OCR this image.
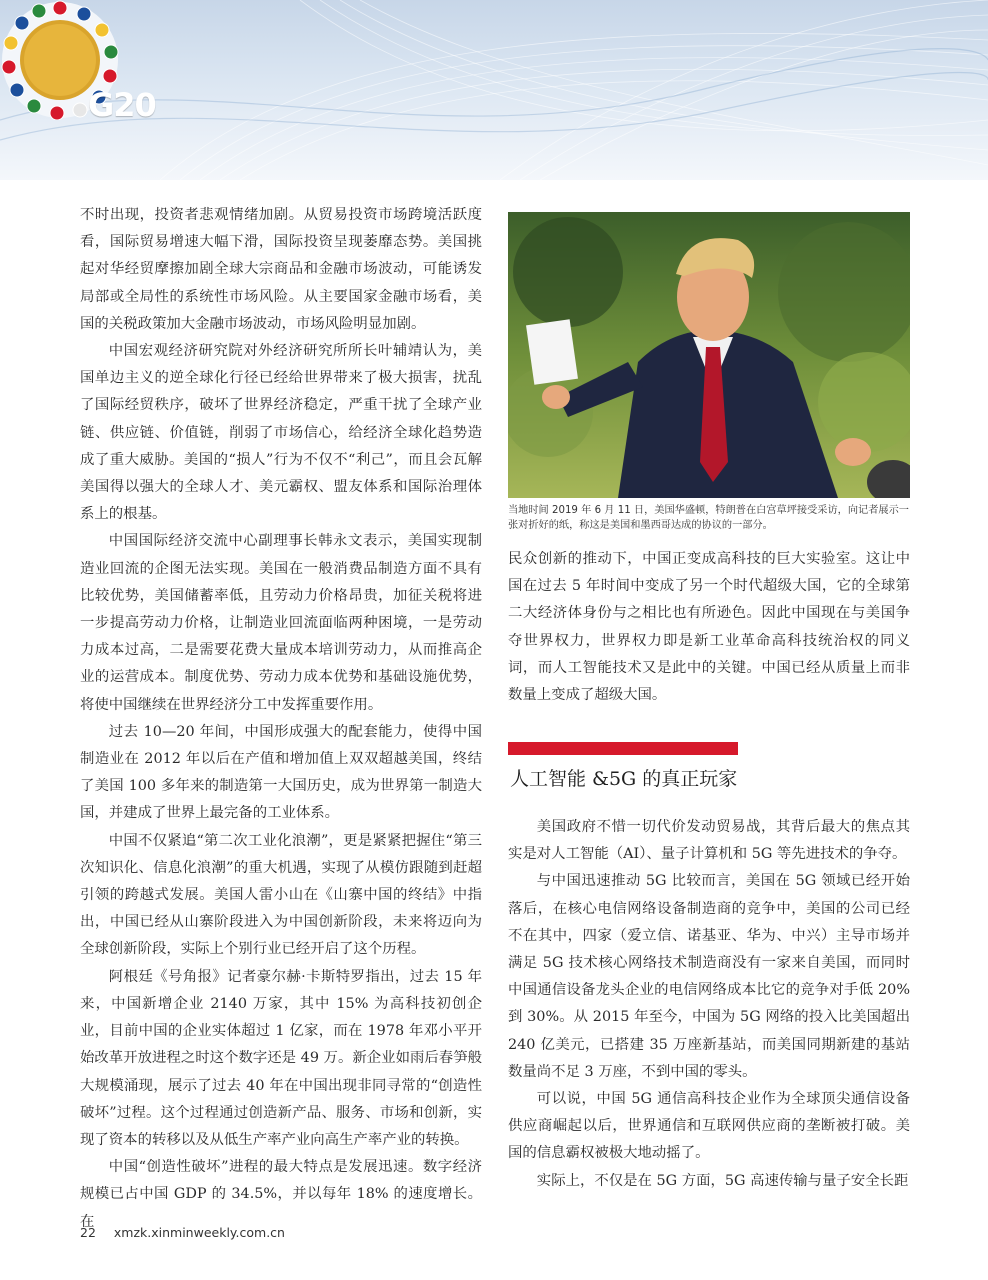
G20

不时出现，投资者悲观情绪加剧。从贸易投资市场跨境活跃度看，国际贸易增速大幅下滑，国际投资呈现萎靡态势。美国挑起对华经贸摩擦加剧全球大宗商品和金融市场波动，可能诱发局部或全局性的系统性市场风险。从主要国家金融市场看，美国的关税政策加大金融市场波动，市场风险明显加剧。

中国宏观经济研究院对外经济研究所所长叶辅靖认为，美国单边主义的逆全球化行径已经给世界带来了极大损害，扰乱了国际经贸秩序，破坏了世界经济稳定，严重干扰了全球产业链、供应链、价值链，削弱了市场信心，给经济全球化趋势造成了重大威胁。美国的“损人”行为不仅不“利己”，而且会瓦解美国得以强大的全球人才、美元霸权、盟友体系和国际治理体系上的根基。

中国国际经济交流中心副理事长韩永文表示，美国实现制造业回流的企图无法实现。美国在一般消费品制造方面不具有比较优势，美国储蓄率低，且劳动力价格昂贵，加征关税将进一步提高劳动力价格，让制造业回流面临两种困境，一是劳动力成本过高，二是需要花费大量成本培训劳动力，从而推高企业的运营成本。制度优势、劳动力成本优势和基础设施优势，将使中国继续在世界经济分工中发挥重要作用。

过去 10—20 年间，中国形成强大的配套能力，使得中国制造业在 2012 年以后在产值和增加值上双双超越美国，终结了美国 100 多年来的制造第一大国历史，成为世界第一制造大国，并建成了世界上最完备的工业体系。

中国不仅紧追“第二次工业化浪潮”，更是紧紧把握住“第三次知识化、信息化浪潮”的重大机遇，实现了从模仿跟随到赶超引领的跨越式发展。美国人雷小山在《山寨中国的终结》中指出，中国已经从山寨阶段进入为中国创新阶段，未来将迈向为全球创新阶段，实际上个别行业已经开启了这个历程。

阿根廷《号角报》记者豪尔赫·卡斯特罗指出，过去 15 年来，中国新增企业 2140 万家，其中 15% 为高科技初创企业，目前中国的企业实体超过 1 亿家，而在 1978 年邓小平开始改革开放进程之时这个数字还是 49 万。新企业如雨后春笋般大规模涌现，展示了过去 40 年在中国出现非同寻常的“创造性破坏”过程。这个过程通过创造新产品、服务、市场和创新，实现了资本的转移以及从低生产率产业向高生产率产业的转换。

中国“创造性破坏”进程的最大特点是发展迅速。数字经济规模已占中国 GDP 的 34.5%，并以每年 18% 的速度增长。在

当地时间 2019 年 6 月 11 日，美国华盛顿，特朗普在白宫草坪接受采访，向记者展示一张对折好的纸，称这是美国和墨西哥达成的协议的一部分。

民众创新的推动下，中国正变成高科技的巨大实验室。这让中国在过去 5 年时间中变成了另一个时代超级大国，它的全球第二大经济体身份与之相比也有所逊色。因此中国现在与美国争夺世界权力，世界权力即是新工业革命高科技统治权的同义词，而人工智能技术又是此中的关键。中国已经从质量上而非数量上变成了超级大国。

人工智能 &5G 的真正玩家

美国政府不惜一切代价发动贸易战，其背后最大的焦点其实是对人工智能（AI）、量子计算机和 5G 等先进技术的争夺。

与中国迅速推动 5G 比较而言，美国在 5G 领域已经开始落后，在核心电信网络设备制造商的竞争中，美国的公司已经不在其中，四家（爱立信、诺基亚、华为、中兴）主导市场并满足 5G 技术核心网络技术制造商没有一家来自美国，而同时中国通信设备龙头企业的电信网络成本比它的竞争对手低 20% 到 30%。从 2015 年至今，中国为 5G 网络的投入比美国超出 240 亿美元，已搭建 35 万座新基站，而美国同期新建的基站数量尚不足 3 万座，不到中国的零头。

可以说，中国 5G 通信高科技企业作为全球顶尖通信设备供应商崛起以后，世界通信和互联网供应商的垄断被打破。美国的信息霸权被极大地动摇了。

实际上，不仅是在 5G 方面，5G 高速传输与量子安全长距

22 xmzk.xinminweekly.com.cn
